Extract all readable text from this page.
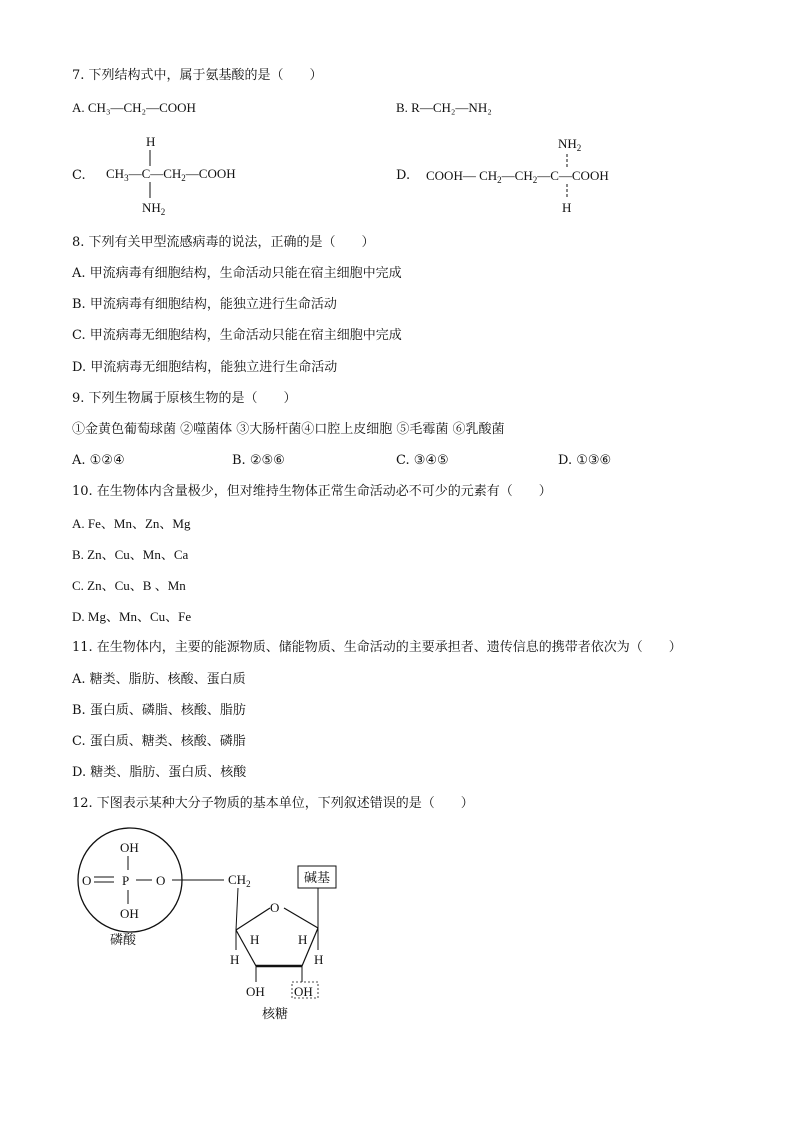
7. 下列结构式中，属于氨基酸的是（　　）
A. CH₃—CH₂—COOH	B. R—CH₂—NH₂
C.
H
$CH_3—C—CH_2—COOH$
$NH_2$
D.
$NH_2$
COOH— $CH_2—CH_2—C—COOH$
H
8. 下列有关甲型流感病毒的说法，正确的是（　　）
A. 甲流病毒有细胞结构，生命活动只能在宿主细胞中完成
B. 甲流病毒有细胞结构，能独立进行生命活动
C. 甲流病毒无细胞结构，生命活动只能在宿主细胞中完成
D. 甲流病毒无细胞结构，能独立进行生命活动
9. 下列生物属于原核生物的是（　　）
①金黄色葡萄球菌 ②噬菌体 ③大肠杆菌④口腔上皮细胞 ⑤毛霉菌 ⑥乳酸菌
A. ①②④	B. ②⑤⑥	C. ③④⑤	D. ①③⑥
10. 在生物体内含量极少，但对维持生物体正常生命活动必不可少的元素有（　　）
A. Fe、Mn、Zn、Mg
B. Zn、Cu、Mn、Ca
C. Zn、Cu、B 、Mn
D. Mg、Mn、Cu、Fe
11. 在生物体内，主要的能源物质、储能物质、生命活动的主要承担者、遗传信息的携带者依次为（　　）
A. 糖类、脂肪、核酸、蛋白质
B. 蛋白质、磷脂、核酸、脂肪
C. 蛋白质、糖类、核酸、磷脂
D. 糖类、脂肪、蛋白质、核酸
12. 下图表示某种大分子物质的基本单位，下列叙述错误的是（　　）
OH
O P O
OH
磷酸
$CH_2$	碱基
O
H
H
H
H
OH OH
核糖
